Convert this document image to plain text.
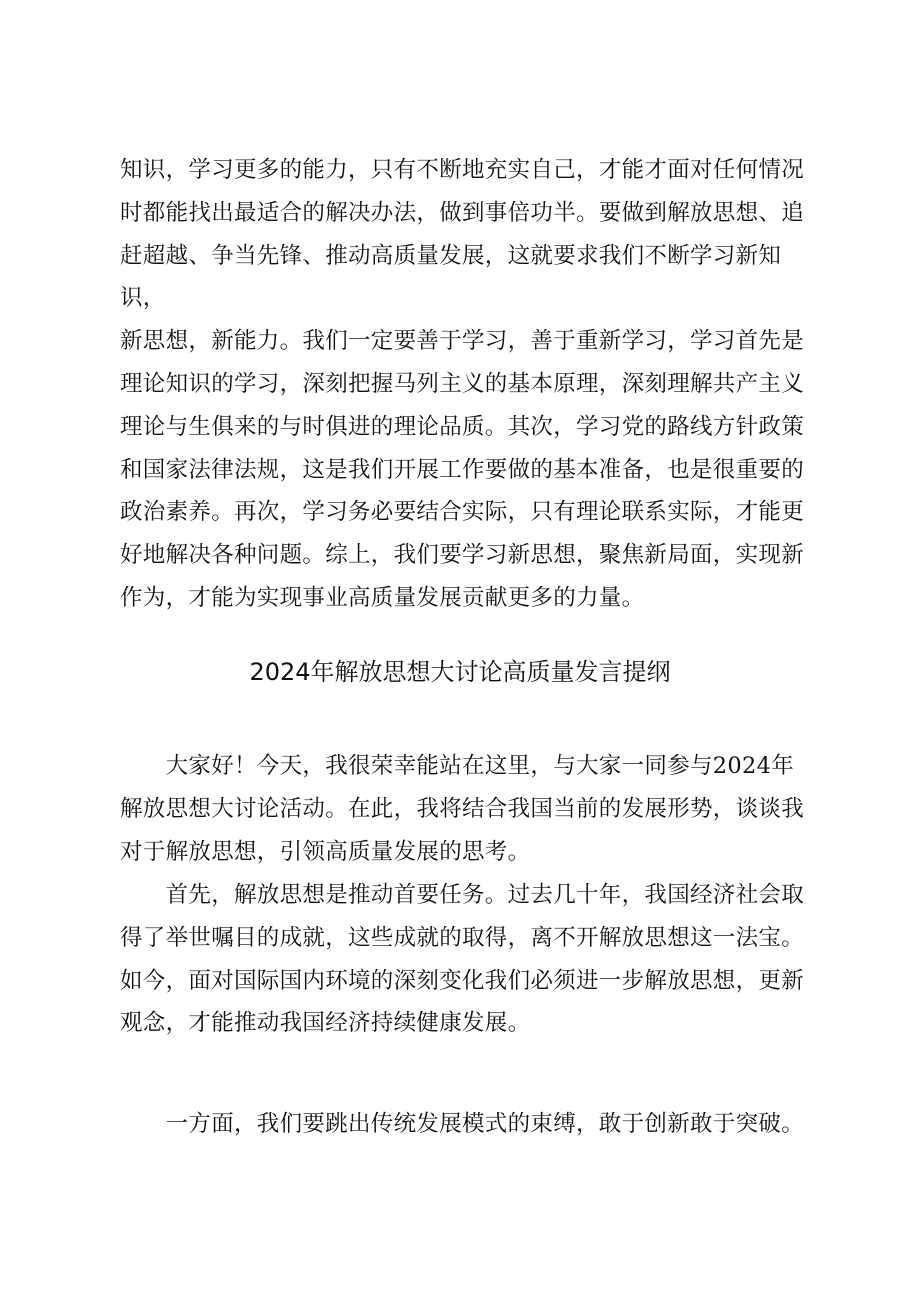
知识，学习更多的能力，只有不断地充实自己，才能才面对任何情况
时都能找出最适合的解决办法，做到事倍功半。要做到解放思想、追
赶超越、争当先锋、推动高质量发展，这就要求我们不断学习新知识，
新思想，新能力。我们一定要善于学习，善于重新学习，学习首先是
理论知识的学习，深刻把握马列主义的基本原理，深刻理解共产主义
理论与生俱来的与时俱进的理论品质。其次，学习党的路线方针政策
和国家法律法规，这是我们开展工作要做的基本准备，也是很重要的
政治素养。再次，学习务必要结合实际，只有理论联系实际，才能更
好地解决各种问题。综上，我们要学习新思想，聚焦新局面，实现新
作为，才能为实现事业高质量发展贡献更多的力量。
2024年解放思想大讨论高质量发言提纲
　　大家好！今天，我很荣幸能站在这里，与大家一同参与2024年
解放思想大讨论活动。在此，我将结合我国当前的发展形势，谈谈我
对于解放思想，引领高质量发展的思考。
　　首先，解放思想是推动首要任务。过去几十年，我国经济社会取
得了举世嘱目的成就，这些成就的取得，离不开解放思想这一法宝。
如今，面对国际国内环境的深刻变化我们必须进一步解放思想，更新
观念，才能推动我国经济持续健康发展。
　　一方面，我们要跳出传统发展模式的束缚，敢于创新敢于突破。
